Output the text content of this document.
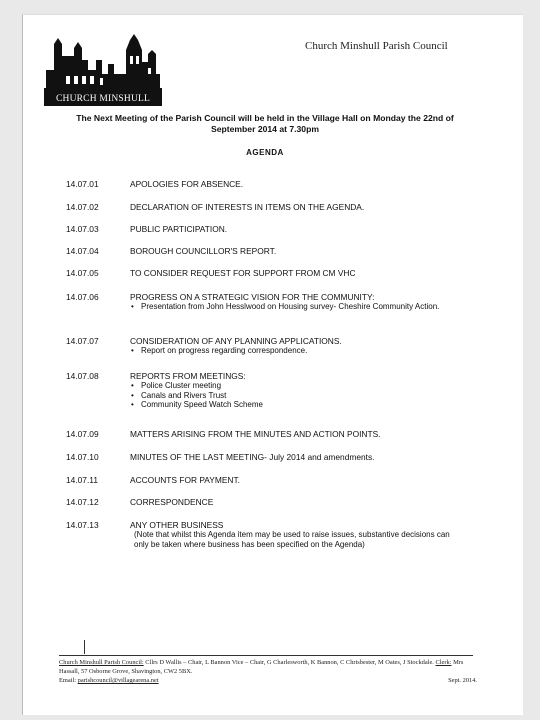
CHURCH MINSHULL
Church Minshull Parish Council
The Next Meeting of the Parish Council will be held in the Village Hall on Monday the 22nd of September 2014 at 7.30pm
AGENDA
14.07.01	APOLOGIES FOR ABSENCE.
14.07.02	DECLARATION OF INTERESTS IN ITEMS ON THE AGENDA.
14.07.03	PUBLIC PARTICIPATION.
14.07.04	BOROUGH COUNCILLOR'S REPORT.
14.07.05	TO CONSIDER REQUEST FOR SUPPORT FROM CM VHC
14.07.06	PROGRESS ON A STRATEGIC VISION FOR THE COMMUNITY:
• Presentation from John Hesslwood on Housing survey- Cheshire Community Action.
14.07.07	CONSIDERATION OF ANY PLANNING APPLICATIONS.
• Report on progress regarding correspondence.
14.07.08	REPORTS FROM MEETINGS:
• Police Cluster meeting
• Canals and Rivers Trust
• Community Speed Watch Scheme
14.07.09	MATTERS ARISING FROM THE MINUTES AND ACTION POINTS.
14.07.10	MINUTES OF THE LAST MEETING- July 2014 and amendments.
14.07.11	ACCOUNTS FOR PAYMENT.
14.07.12	CORRESPONDENCE
14.07.13	ANY OTHER BUSINESS
(Note that whilst this Agenda item may be used to raise issues, substantive decisions can only be taken where business has been specified on the Agenda)
Church Minshull Parish Council: Cllrs D Wallis – Chair, L Bannon Vice – Chair, G Charlesworth, K Bannon, C Chrisbester, M Oates, J Stockdale. Clerk: Mrs Hassall, 57 Osborne Grove, Shavington, CW2 5BX.
Email: parishcouncil@villagearena.net	Sept. 2014.
